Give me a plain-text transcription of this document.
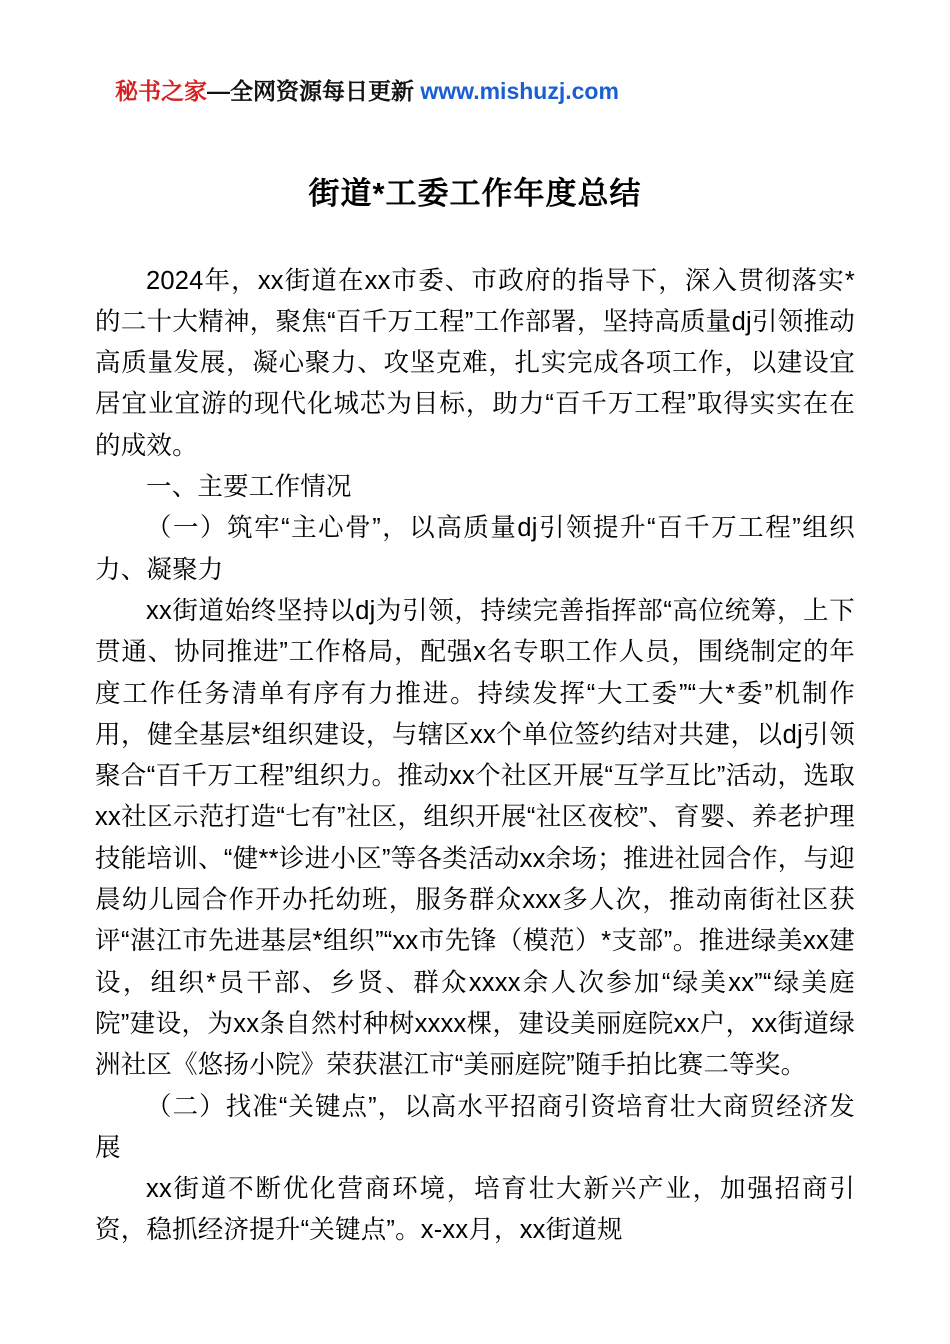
秘书之家—全网资源每日更新 www.mishuzj.com
街道*工委工作年度总结

2024年，xx街道在xx市委、市政府的指导下，深入贯彻落实*的二十大精神，聚焦“百千万工程”工作部署，坚持高质量dj引领推动高质量发展，凝心聚力、攻坚克难，扎实完成各项工作，以建设宜居宜业宜游的现代化城芯为目标，助力“百千万工程”取得实实在在的成效。

一、主要工作情况

（一）筑牢“主心骨”，以高质量dj引领提升“百千万工程”组织力、凝聚力

xx街道始终坚持以dj为引领，持续完善指挥部“高位统筹，上下贯通、协同推进”工作格局，配强x名专职工作人员，围绕制定的年度工作任务清单有序有力推进。持续发挥“大工委”“大*委”机制作用，健全基层*组织建设，与辖区xx个单位签约结对共建，以dj引领聚合“百千万工程”组织力。推动xx个社区开展“互学互比”活动，选取xx社区示范打造“七有”社区，组织开展“社区夜校”、育婴、养老护理技能培训、“健**诊进小区”等各类活动xx余场；推进社园合作，与迎晨幼儿园合作开办托幼班，服务群众xxx多人次，推动南街社区获评“湛江市先进基层*组织”“xx市先锋（模范）*支部”。推进绿美xx建设，组织*员干部、乡贤、群众xxxx余人次参加“绿美xx”“绿美庭院”建设，为xx条自然村种树xxxx棵，建设美丽庭院xx户，xx街道绿洲社区《悠扬小院》荣获湛江市“美丽庭院”随手拍比赛二等奖。

（二）找准“关键点”，以高水平招商引资培育壮大商贸经济发展

xx街道不断优化营商环境，培育壮大新兴产业，加强招商引资，稳抓经济提升“关键点”。x-xx月，xx街道规
